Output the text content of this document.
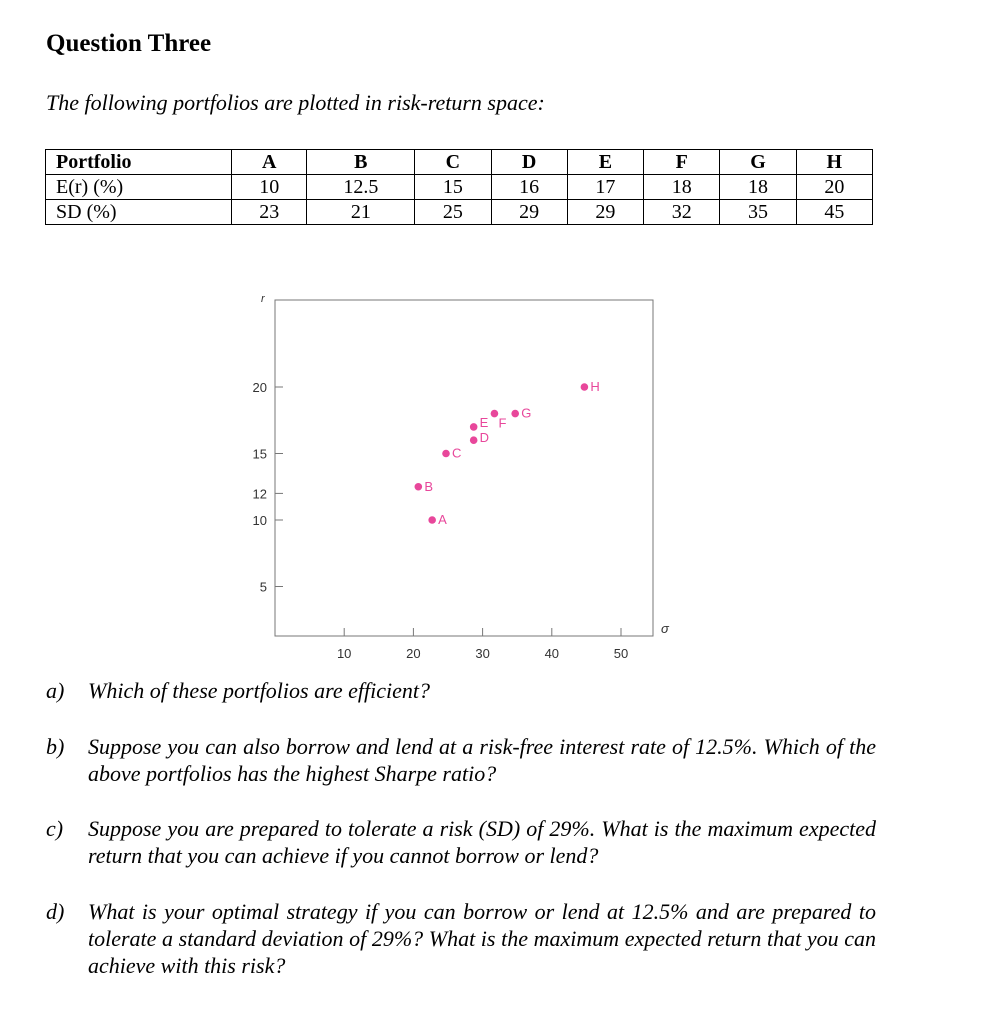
Question Three
The following portfolios are plotted in risk-return space:
Portfolio	A	B	C	D	E	F	G	H
E(r) (%)	10	12.5	15	16	17	18	18	20
SD (%)	23	21	25	29	29	32	35	45
r
σ
5
10
12
15
20
10	20	30	40	50
A
B
C
D
E F
G
H
a) Which of these portfolios are efficient?
b) Suppose you can also borrow and lend at a risk-free interest rate of 12.5%. Which of the above portfolios has the highest Sharpe ratio?
c) Suppose you are prepared to tolerate a risk (SD) of 29%. What is the maximum expected return that you can achieve if you cannot borrow or lend?
d) What is your optimal strategy if you can borrow or lend at 12.5% and are prepared to tolerate a standard deviation of 29%? What is the maximum expected return that you can achieve with this risk?
